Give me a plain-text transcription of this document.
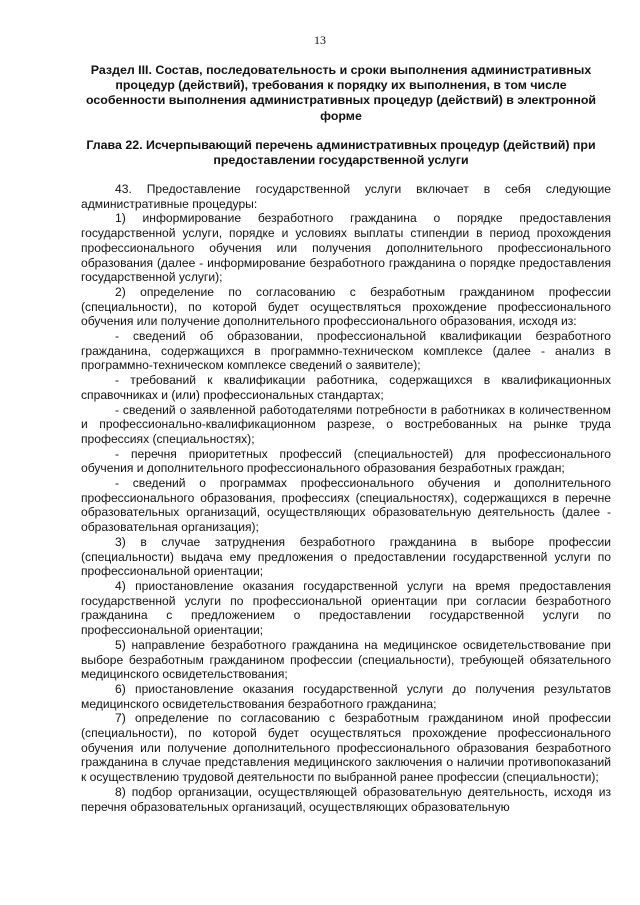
13
Раздел III. Состав, последовательность и сроки выполнения административных процедур (действий), требования к порядку их выполнения, в том числе особенности выполнения административных процедур (действий) в электронной форме
Глава 22. Исчерпывающий перечень административных процедур (действий) при предоставлении государственной услуги

43. Предоставление государственной услуги включает в себя следующие административные процедуры:

1) информирование безработного гражданина о порядке предоставления государственной услуги, порядке и условиях выплаты стипендии в период прохождения профессионального обучения или получения дополнительного профессионального образования (далее - информирование безработного гражданина о порядке предоставления государственной услуги);

2) определение по согласованию с безработным гражданином профессии (специальности), по которой будет осуществляться прохождение профессионального обучения или получение дополнительного профессионального образования, исходя из:

- сведений об образовании, профессиональной квалификации безработного гражданина, содержащихся в программно-техническом комплексе (далее - анализ в программно-техническом комплексе сведений о заявителе);

- требований к квалификации работника, содержащихся в квалификационных справочниках и (или) профессиональных стандартах;

- сведений о заявленной работодателями потребности в работниках в количественном и профессионально-квалификационном разрезе, о востребованных на рынке труда профессиях (специальностях);

- перечня приоритетных профессий (специальностей) для профессионального обучения и дополнительного профессионального образования безработных граждан;

- сведений о программах профессионального обучения и дополнительного профессионального образования, профессиях (специальностях), содержащихся в перечне образовательных организаций, осуществляющих образовательную деятельность (далее - образовательная организация);

3) в случае затруднения безработного гражданина в выборе профессии (специальности) выдача ему предложения о предоставлении государственной услуги по профессиональной ориентации;

4) приостановление оказания государственной услуги на время предоставления государственной услуги по профессиональной ориентации при согласии безработного гражданина с предложением о предоставлении государственной услуги по профессиональной ориентации;

5) направление безработного гражданина на медицинское освидетельствование при выборе безработным гражданином профессии (специальности), требующей обязательного медицинского освидетельствования;

6) приостановление оказания государственной услуги до получения результатов медицинского освидетельствования безработного гражданина;

7) определение по согласованию с безработным гражданином иной профессии (специальности), по которой будет осуществляться прохождение профессионального обучения или получение дополнительного профессионального образования безработного гражданина в случае представления медицинского заключения о наличии противопоказаний к осуществлению трудовой деятельности по выбранной ранее профессии (специальности);

8) подбор организации, осуществляющей образовательную деятельность, исходя из перечня образовательных организаций, осуществляющих образовательную
